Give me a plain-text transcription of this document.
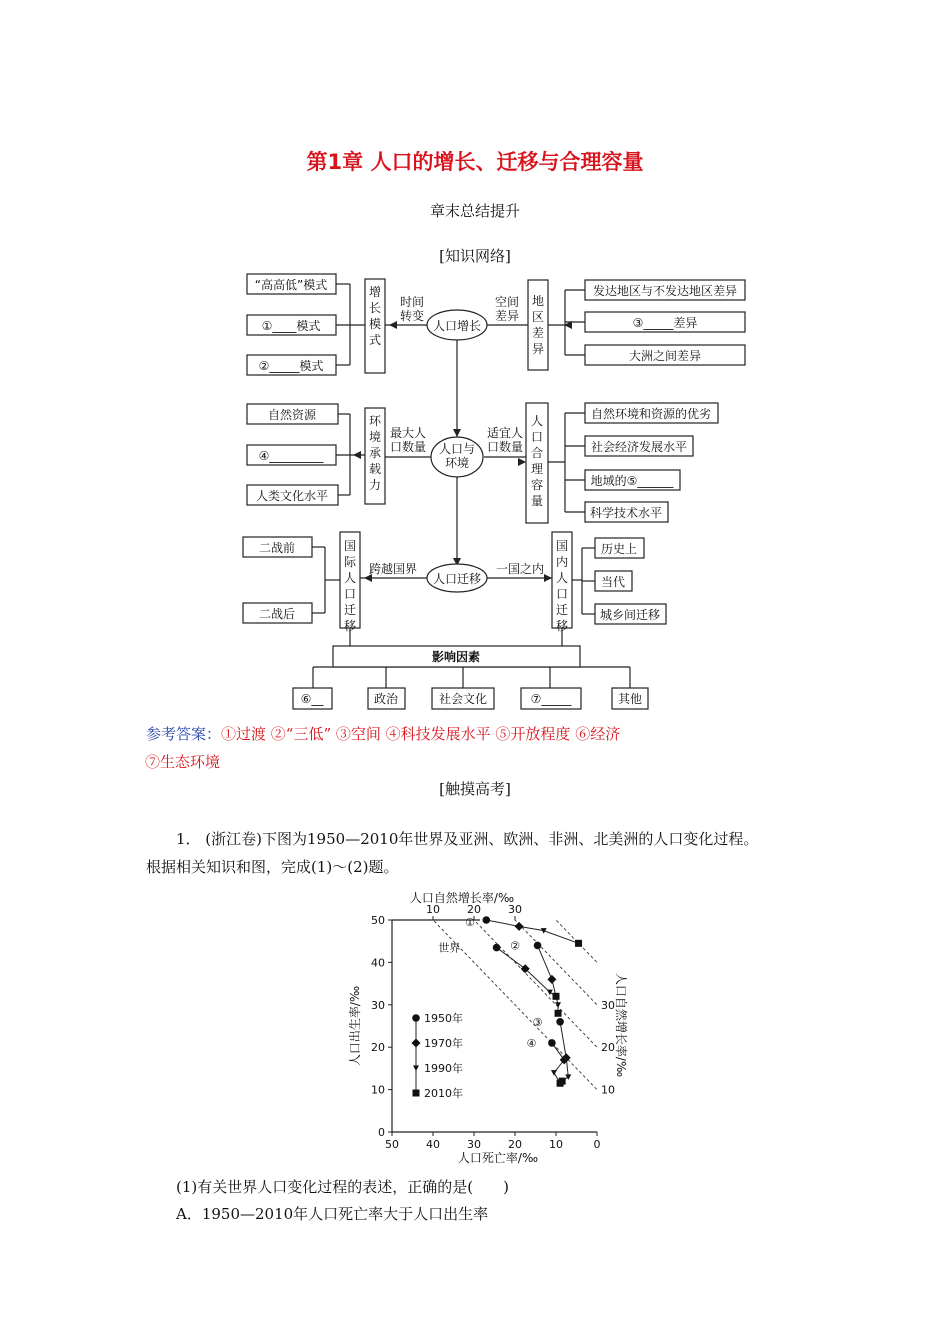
第1章 人口的增长、迁移与合理容量
章末总结提升
[知识网络]
“高高低”模式
①____模式
②_____模式
增长模式
时间
转变
人口增长
空间
差异
地区差异
发达地区与不发达地区差异
③_____差异
大洲之间差异
自然资源
④_________
人类文化水平
环境承载力
最大人
口数量 人口与
环境
适宜人
口数量
人口合理容量
自然环境和资源的优劣
社会经济发展水平
地域的⑤______
科学技术水平
二战前
二战后
国际人口迁移
跨越国界
人口迁移
一国之内
国内人口迁移
历史上
当代
城乡间迁移
影响因素
⑥__	政治	社会文化	⑦_____	其他
参考答案：①过渡 ②“三低” ③空间 ④科技发展水平 ⑤开放程度 ⑥经济
⑦生态环境
[触摸高考]
1． (浙江卷)下图为1950—2010年世界及亚洲、欧洲、非洲、北美洲的人口变化过程。
根据相关知识和图，完成(1)～(2)题。
50 40 30 20 10	0
50
40
30
20
10
0
10 20 30
30
20
10
人口自然增长率/‰
人口死亡率/‰
人口出生率/‰	人口自然增长率/‰
1950年
1970年
1990年
2010年
①
世界	②
③
④
(1)有关世界人口变化过程的表述，正确的是(　　)
A．1950—2010年人口死亡率大于人口出生率
